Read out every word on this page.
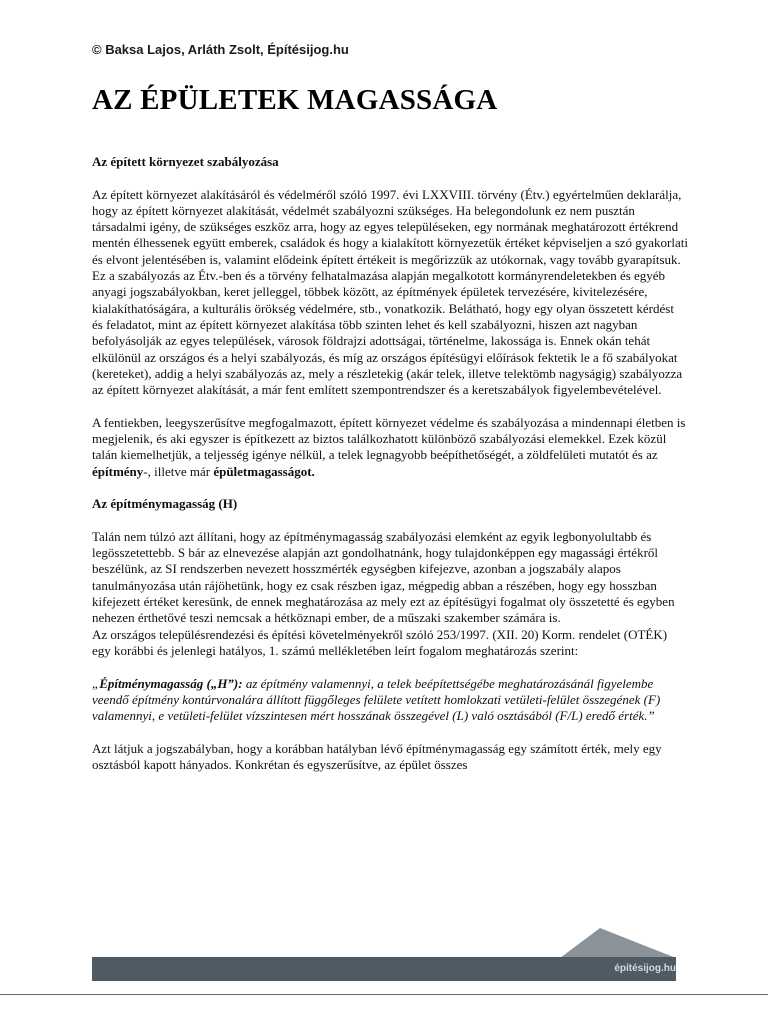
© Baksa Lajos, Arláth Zsolt, Építésijog.hu
AZ ÉPÜLETEK MAGASSÁGA
Az épített környezet szabályozása

Az épített környezet alakításáról és védelméről szóló 1997. évi LXXVIII. törvény (Étv.) egyértelműen deklarálja, hogy az épített környezet alakítását, védelmét szabályozni szükséges. Ha belegondolunk ez nem pusztán társadalmi igény, de szükséges eszköz arra, hogy az egyes településeken, egy normának meghatározott értékrend mentén élhessenek együtt emberek, családok és hogy a kialakított környezetük értéket képviseljen a szó gyakorlati és elvont jelentésében is, valamint elődeink épített értékeit is megőrizzük az utókornak, vagy tovább gyarapítsuk. Ez a szabályozás az Étv.-ben és a törvény felhatalmazása alapján megalkotott kormányrendeletekben és egyéb anyagi jogszabályokban, keret jelleggel, többek között, az építmények épületek tervezésére, kivitelezésére, kialakíthatóságára, a kulturális örökség védelmére, stb., vonatkozik. Belátható, hogy egy olyan összetett kérdést és feladatot, mint az épített környezet alakítása több szinten lehet és kell szabályozni, hiszen azt nagyban befolyásolják az egyes települések, városok földrajzi adottságai, történelme, lakossága is. Ennek okán tehát elkülönül az országos és a helyi szabályozás, és míg az országos építésügyi előírások fektetik le a fő szabályokat (kereteket), addig a helyi szabályozás az, mely a részletekig (akár telek, illetve telektömb nagyságig) szabályozza az épített környezet alakítását, a már fent említett szempontrendszer és a keretszabályok figyelembevételével.

A fentiekben, leegyszerűsítve megfogalmazott, épített környezet védelme és szabályozása a mindennapi életben is megjelenik, és aki egyszer is építkezett az biztos találkozhatott különböző szabályozási elemekkel. Ezek közül talán kiemelhetjük, a teljesség igénye nélkül, a telek legnagyobb beépíthetőségét, a zöldfelületi mutatót és az építmény-, illetve már épületmagasságot.

Az építménymagasság (H)

Talán nem túlzó azt állítani, hogy az építménymagasság szabályozási elemként az egyik legbonyolultabb és legösszetettebb. S bár az elnevezése alapján azt gondolhatnánk, hogy tulajdonképpen egy magassági értékről beszélünk, az SI rendszerben nevezett hosszmérték egységben kifejezve, azonban a jogszabály alapos tanulmányozása után rájöhetünk, hogy ez csak részben igaz, mégpedig abban a részében, hogy egy hosszban kifejezett értéket keresünk, de ennek meghatározása az mely ezt az építésügyi fogalmat oly összetetté és egyben nehezen érthetővé teszi nemcsak a hétköznapi ember, de a műszaki szakember számára is.

Az országos településrendezési és építési követelményekről szóló 253/1997. (XII. 20) Korm. rendelet (OTÉK) egy korábbi és jelenlegi hatályos, 1. számú mellékletében leírt fogalom meghatározás szerint:

„Építménymagasság („H”): az építmény valamennyi, a telek beépítettségébe meghatározásánál figyelembe veendő építmény kontúrvonalára állított függőleges felülete vetített homlokzati vetületi-felület összegének (F) valamennyi, e vetületi-felület vízszintesen mért hosszának összegével (L) való osztásából (F/L) eredő érték.”

Azt látjuk a jogszabályban, hogy a korábban hatályban lévő építménymagasság egy számított érték, mely egy osztásból kapott hányados. Konkrétan és egyszerűsítve, az épület összes

építésijog.hu
